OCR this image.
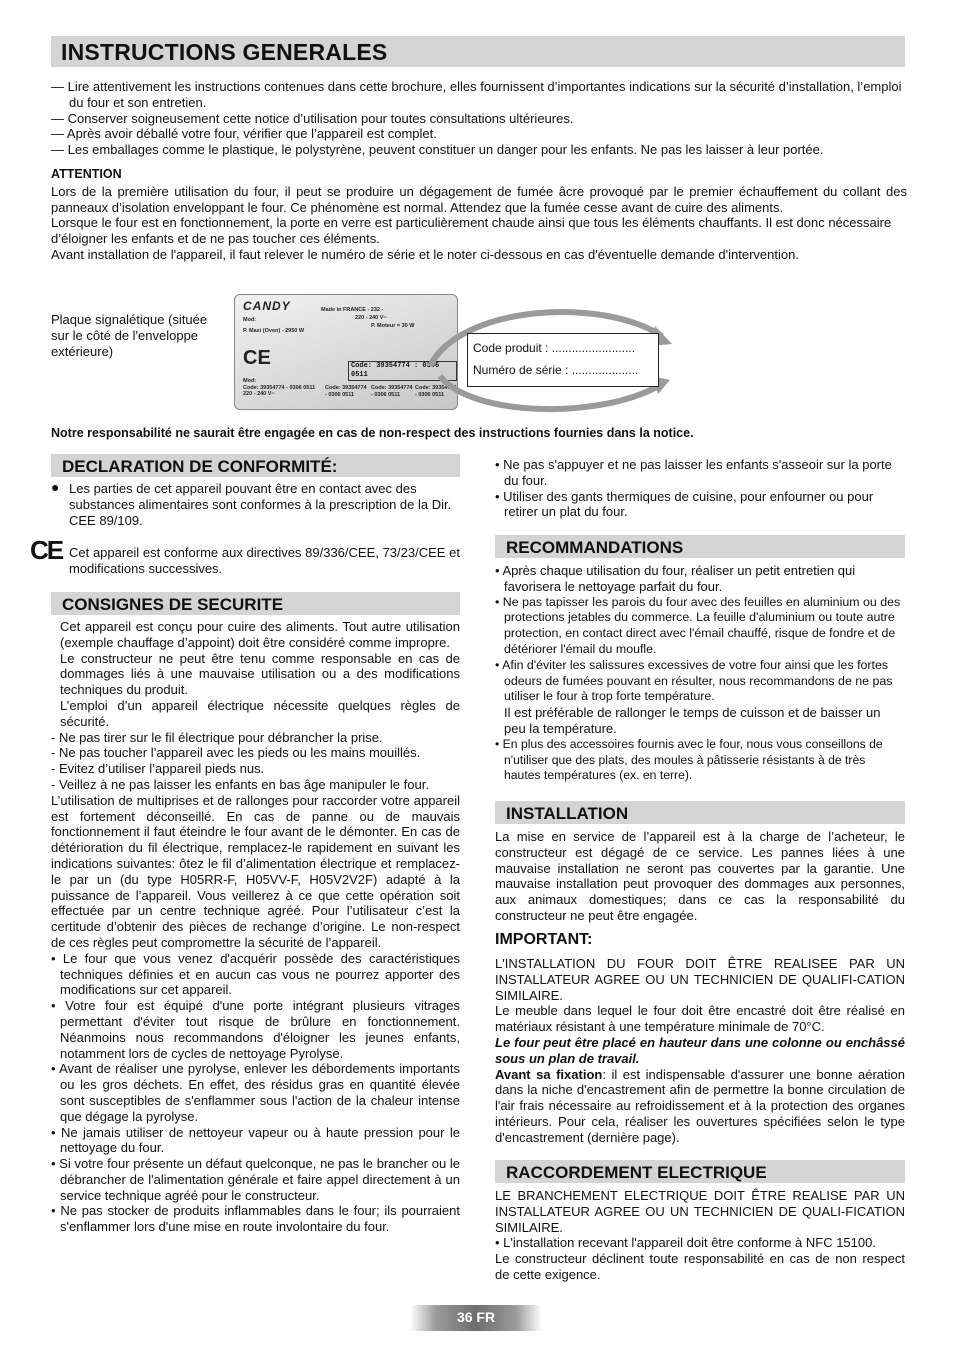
INSTRUCTIONS GENERALES

— Lire attentivement les instructions contenues dans cette brochure, elles fournissent d’importantes indications sur la sécurité d’installation, l’emploi du four et son entretien.

— Conserver soigneusement cette notice d’utilisation pour toutes consultations ultérieures.

— Après avoir déballé votre four, vérifier que l’appareil est complet.

— Les emballages comme le plastique, le polystyrène, peuvent constituer un danger pour les enfants. Ne pas les laisser à leur portée.

ATTENTION

Lors de la première utilisation du four, il peut se produire un dégagement de fumée âcre provoqué par le premier échauffement du collant des panneaux d’isolation enveloppant le four. Ce phénomène est normal. Attendez que la fumée cesse avant de cuire des aliments.

Lorsque le four est en fonctionnement, la porte en verre est particulièrement chaude ainsi que tous les éléments chauffants. Il est donc nécessaire d’éloigner les enfants et de ne pas toucher ces éléments.

Avant installation de l'appareil, il faut relever le numéro de série et le noter ci-dessous en cas d'éventuelle demande d'intervention.

Plaque signalétique (située sur le côté de l'enveloppe extérieure)
CANDY	Made in FRANCE - 232 -
Mod:	220 - 240 V~
P. Maxi (Oven) - 2950 W
P. Moteur = 30 W
CE	Code: 39354774 : 0306 0511
Mod:
Code: 39354774 - 0306 0511
220 - 240 V~
Code: 39354774
- 0306 0511
Code: 39354774
- 0306 0511
Code: 39354774
- 0306 0511
Code produit : .........................
Numéro de série : ....................
Notre responsabilité ne saurait être engagée en cas de non-respect des instructions fournies dans la notice.
DECLARATION DE CONFORMITÉ:

● Les parties de cet appareil pouvant être en contact avec des substances alimentaires sont conformes à la prescription de la Dir. CEE 89/109.

CE Cet appareil est conforme aux directives 89/336/CEE, 73/23/CEE et modifications successives.
CONSIGNES DE SECURITE

Cet appareil est conçu pour cuire des aliments. Tout autre utilisation (exemple chauffage d’appoint) doit être considéré comme impropre.

Le constructeur ne peut être tenu comme responsable en cas de dommages liés à une mauvaise utilisation ou a des modifications techniques du produit.

L’emploi d’un appareil électrique nécessite quelques règles de sécurité.

- Ne pas tirer sur le fil électrique pour débrancher la prise.

- Ne pas toucher l’appareil avec les pieds ou les mains mouillés.

- Evitez d’utiliser l’appareil pieds nus.

- Veillez à ne pas laisser les enfants en bas âge manipuler le four.

L’utilisation de multiprises et de rallonges pour raccorder votre appareil est fortement déconseillé. En cas de panne ou de mauvais fonctionnement il faut éteindre le four avant de le démonter. En cas de détérioration du fil électrique, remplacez-le rapidement en suivant les indications suivantes: ôtez le fil d’alimentation électrique et remplacez-le par un (du type H05RR-F, H05VV-F, H05V2V2F) adapté à la puissance de l’appareil. Vous veillerez à ce que cette opération soit effectuée par un centre technique agréé. Pour l’utilisateur c’est la certitude d’obtenir des pièces de rechange d’origine. Le non-respect de ces règles peut compromettre la sécurité de l’appareil.

• Le four que vous venez d'acquérir possède des caractéristiques techniques définies et en aucun cas vous ne pourrez apporter des modifications sur cet appareil.

• Votre four est équipé d'une porte intégrant plusieurs vitrages permettant d'éviter tout risque de brûlure en fonctionnement. Néanmoins nous recommandons d'éloigner les jeunes enfants, notamment lors de cycles de nettoyage Pyrolyse.

• Avant de réaliser une pyrolyse, enlever les débordements importants ou les gros déchets. En effet, des résidus gras en quantité élevée sont susceptibles de s'enflammer sous l'action de la chaleur intense que dégage la pyrolyse.

• Ne jamais utiliser de nettoyeur vapeur ou à haute pression pour le nettoyage du four.

• Si votre four présente un défaut quelconque, ne pas le brancher ou le débrancher de l'alimentation générale et faire appel directement à un service technique agréé pour le constructeur.

• Ne pas stocker de produits inflammables dans le four; ils pourraient s'enflammer lors d'une mise en route involontaire du four.

• Ne pas s'appuyer et ne pas laisser les enfants s'asseoir sur la porte du four.

• Utiliser des gants thermiques de cuisine, pour enfourner ou pour retirer un plat du four.

RECOMMANDATIONS

• Après chaque utilisation du four, réaliser un petit entretien qui favorisera le nettoyage parfait du four.

• Ne pas tapisser les parois du four avec des feuilles en aluminium ou des protections jetables du commerce. La feuille d'aluminium ou toute autre protection, en contact direct avec l'émail chauffé, risque de fondre et de détériorer l'émail du moufle.

• Afin d'éviter les salissures excessives de votre four ainsi que les fortes odeurs de fumées pouvant en résulter, nous recommandons de ne pas utiliser le four à trop forte température.

Il est préférable de rallonger le temps de cuisson et de baisser un peu la température.

• En plus des accessoires fournis avec le four, nous vous conseillons de n'utiliser que des plats, des moules à pâtisserie résistants à de très hautes températures (ex. en terre).

INSTALLATION
La mise en service de l’appareil est à la charge de l’acheteur, le constructeur est dégagé de ce service. Les pannes liées à une mauvaise installation ne seront pas couvertes par la garantie. Une mauvaise installation peut provoquer des dommages aux personnes, aux animaux domestiques; dans ce cas la responsabilité du constructeur ne peut être engagée.
IMPORTANT:

L'INSTALLATION DU FOUR DOIT ÊTRE REALISEE PAR UN INSTALLATEUR AGREE OU UN TECHNICIEN DE QUALIFI-CATION SIMILAIRE.

Le meuble dans lequel le four doit être encastré doit être réalisé en matériaux résistant à une température minimale de 70°C.

Le four peut être placé en hauteur dans une colonne ou enchâssé sous un plan de travail.

Avant sa fixation: il est indispensable d'assurer une bonne aération dans la niche d'encastrement afin de permettre la bonne circulation de l'air frais nécessaire au refroidissement et à la protection des organes intérieurs. Pour cela, réaliser les ouvertures spécifiées selon le type d'encastrement (dernière page).

RACCORDEMENT ELECTRIQUE

LE BRANCHEMENT ELECTRIQUE DOIT ÊTRE REALISE PAR UN INSTALLATEUR AGREE OU UN TECHNICIEN DE QUALI-FICATION SIMILAIRE.

• L'installation recevant l'appareil doit être conforme à NFC 15100.

Le constructeur déclinent toute responsabilité en cas de non respect de cette exigence.

36 FR
